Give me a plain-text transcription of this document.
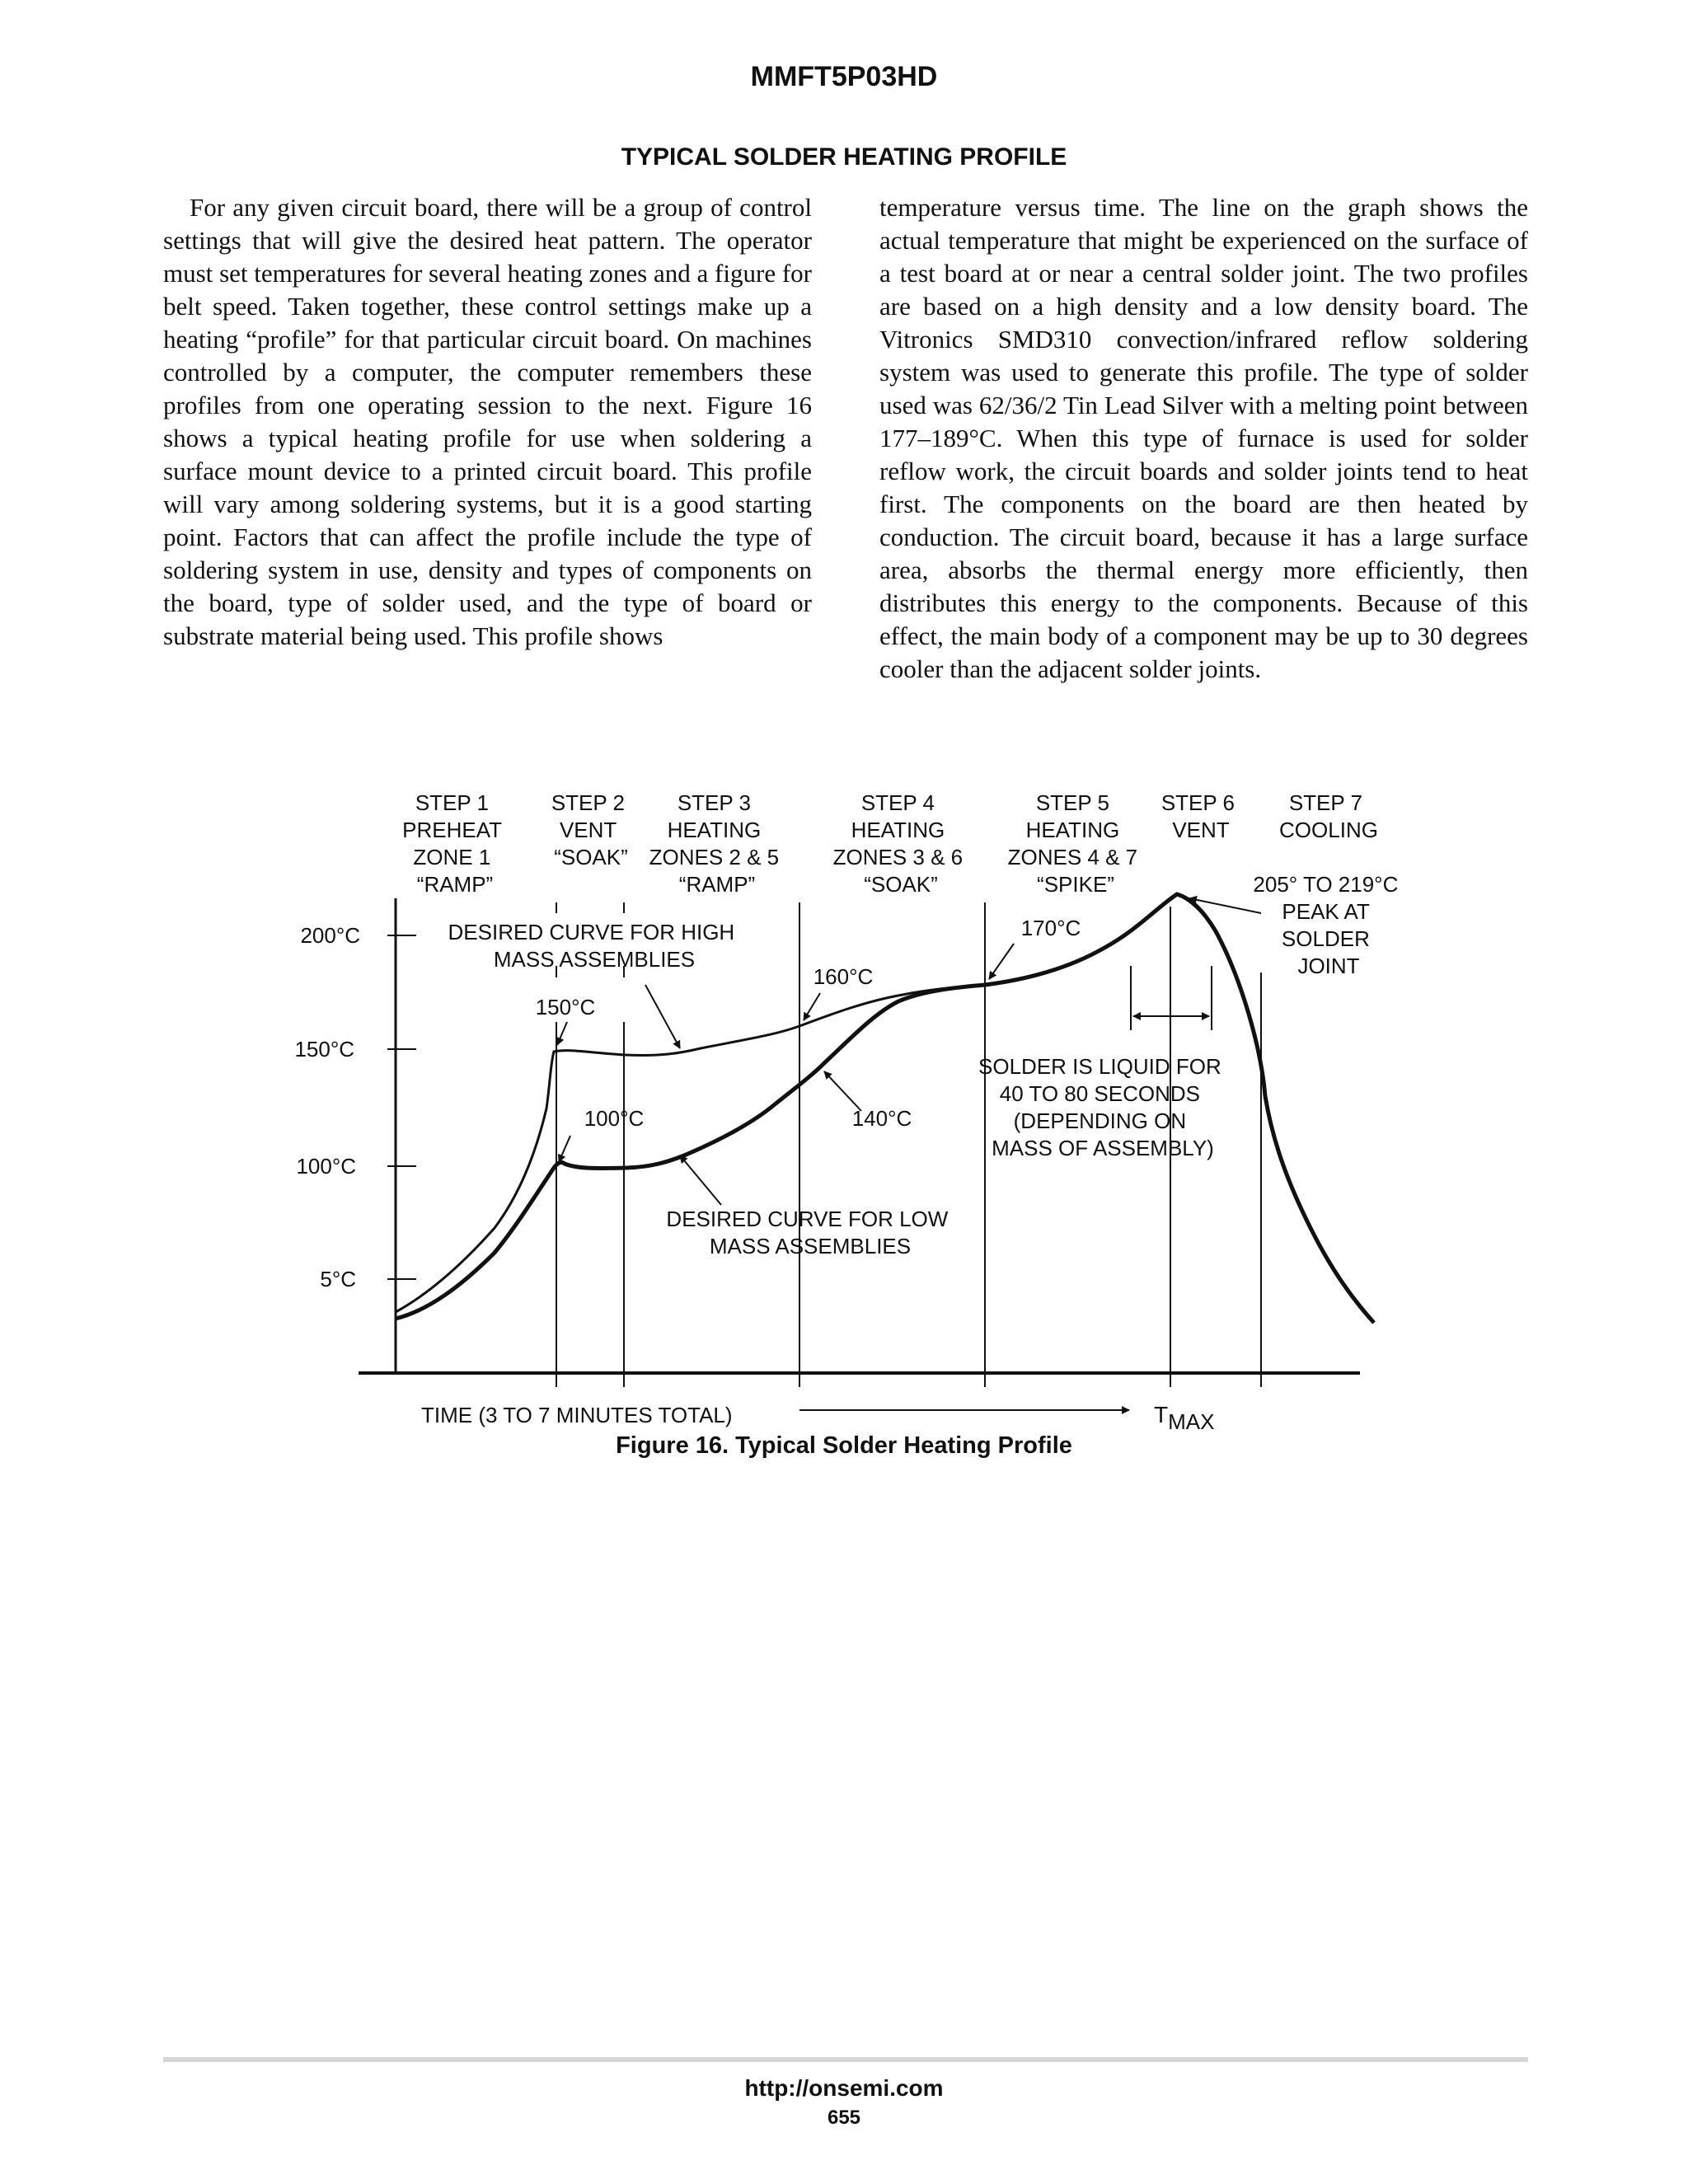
MMFT5P03HD
TYPICAL SOLDER HEATING PROFILE

For any given circuit board, there will be a group of control settings that will give the desired heat pattern. The operator must set temperatures for several heating zones and a figure for belt speed. Taken together, these control settings make up a heating “profile” for that particular circuit board. On machines controlled by a computer, the computer remembers these profiles from one operating session to the next. Figure 16 shows a typical heating profile for use when soldering a surface mount device to a printed circuit board. This profile will vary among soldering systems, but it is a good starting point. Factors that can affect the profile include the type of soldering system in use, density and types of components on the board, type of solder used, and the type of board or substrate material being used. This profile shows

temperature versus time. The line on the graph shows the actual temperature that might be experienced on the surface of a test board at or near a central solder joint. The two profiles are based on a high density and a low density board. The Vitronics SMD310 convection/infrared reflow soldering system was used to generate this profile. The type of solder used was 62/36/2 Tin Lead Silver with a melting point between 177–189°C. When this type of furnace is used for solder reflow work, the circuit boards and solder joints tend to heat first. The components on the board are then heated by conduction. The circuit board, because it has a large surface area, absorbs the thermal energy more efficiently, then distributes this energy to the components. Because of this effect, the main body of a component may be up to 30 degrees cooler than the adjacent solder joints.

200°C
150°C
100°C
5°C
STEP 1 PREHEAT ZONE 1 “RAMP”
STEP 2 VENT “SOAK”
STEP 3 HEATING ZONES 2 & 5 “RAMP”
STEP 4 HEATING ZONES 3 & 6 “SOAK”
STEP 5 HEATING ZONES 4 & 7 “SPIKE”
STEP 6 VENT
STEP 7 COOLING
DESIRED CURVE FOR HIGH MASS ASSEMBLIES
DESIRED CURVE FOR LOW MASS ASSEMBLIES
150°C
100°C
160°C
140°C
170°C
205° TO 219°C PEAK AT SOLDER JOINT
SOLDER IS LIQUID FOR 40 TO 80 SECONDS (DEPENDING ON MASS OF ASSEMBLY)
TIME (3 TO 7 MINUTES TOTAL)	TMAX
Figure 16. Typical Solder Heating Profile
http://onsemi.com
655
